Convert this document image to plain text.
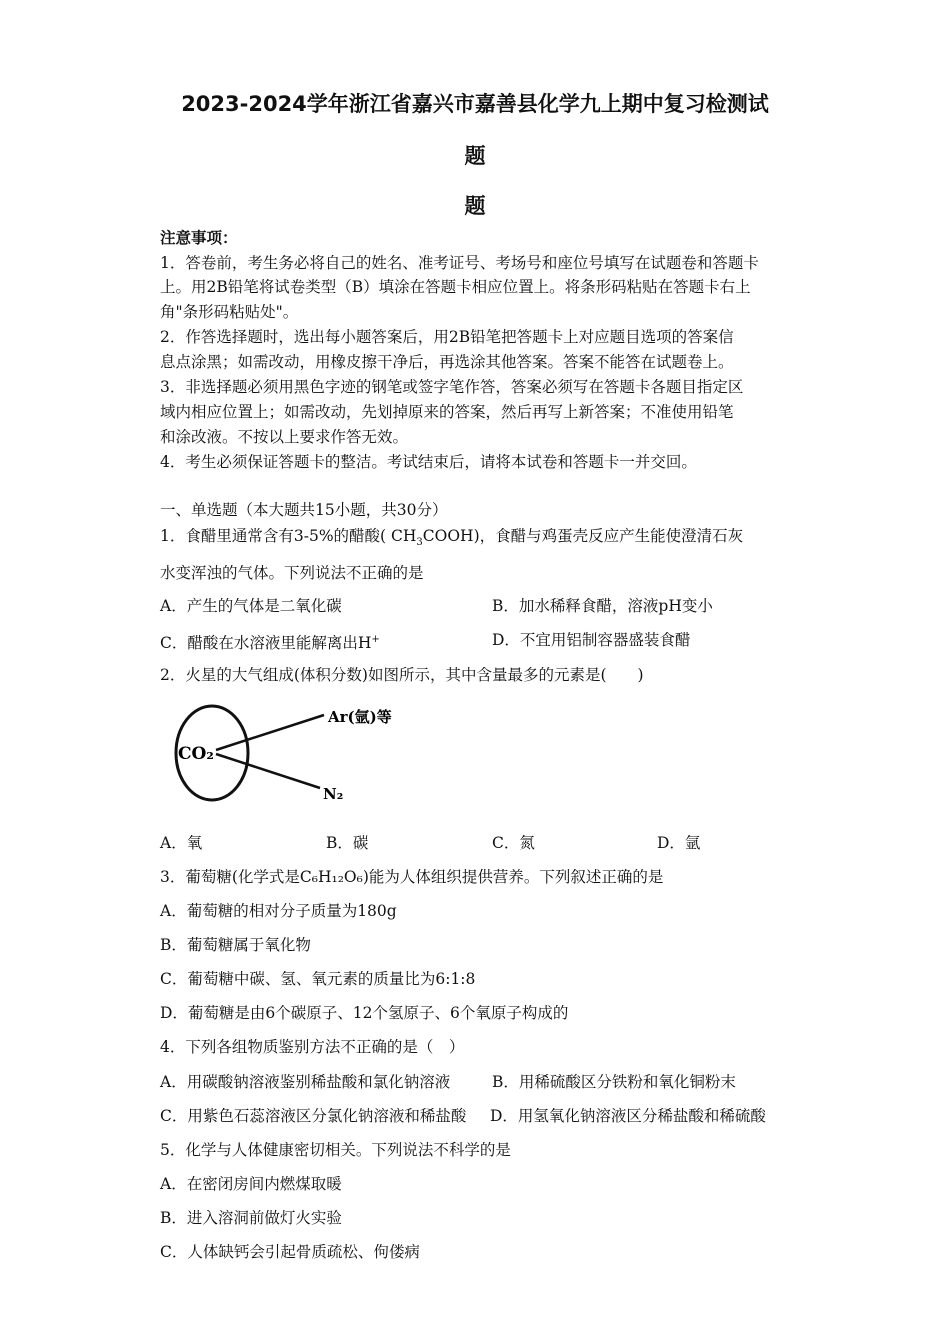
2023-2024学年浙江省嘉兴市嘉善县化学九上期中复习检测试
题
题
注意事项：
1．答卷前，考生务必将自己的姓名、准考证号、考场号和座位号填写在试题卷和答题卡
上。用2B铅笔将试卷类型（B）填涂在答题卡相应位置上。将条形码粘贴在答题卡右上
角"条形码粘贴处"。
2．作答选择题时，选出每小题答案后，用2B铅笔把答题卡上对应题目选项的答案信
息点涂黑；如需改动，用橡皮擦干净后，再选涂其他答案。答案不能答在试题卷上。
3．非选择题必须用黑色字迹的钢笔或签字笔作答，答案必须写在答题卡各题目指定区
域内相应位置上；如需改动，先划掉原来的答案，然后再写上新答案；不准使用铅笔
和涂改液。不按以上要求作答无效。
4．考生必须保证答题卡的整洁。考试结束后，请将本试卷和答题卡一并交回。
一、单选题（本大题共15小题，共30分）
1．食醋里通常含有3-5%的醋酸( $CH_3COOH$)，食醋与鸡蛋壳反应产生能使澄清石灰
水变浑浊的气体。下列说法不正确的是
A．产生的气体是二氧化碳	B．加水稀释食醋，溶液pH变小
C．醋酸在水溶液里能解离出H+	D．不宜用铝制容器盛装食醋
2．火星的大气组成(体积分数)如图所示，其中含量最多的元素是(　　)
CO₂
Ar(氩)等
N₂
A．氧	B．碳	C．氮	D．氩
3．葡萄糖(化学式是C₆H₁₂O₆)能为人体组织提供营养。下列叙述正确的是
A．葡萄糖的相对分子质量为180g
B．葡萄糖属于氧化物
C．葡萄糖中碳、氢、氧元素的质量比为6:1:8
D．葡萄糖是由6个碳原子、12个氢原子、6个氧原子构成的
4．下列各组物质鉴别方法不正确的是（　）
A．用碳酸钠溶液鉴别稀盐酸和氯化钠溶液	B．用稀硫酸区分铁粉和氧化铜粉末
C．用紫色石蕊溶液区分氯化钠溶液和稀盐酸 D．用氢氧化钠溶液区分稀盐酸和稀硫酸
5．化学与人体健康密切相关。下列说法不科学的是
A．在密闭房间内燃煤取暖
B．进入溶洞前做灯火实验
C．人体缺钙会引起骨质疏松、佝偻病
